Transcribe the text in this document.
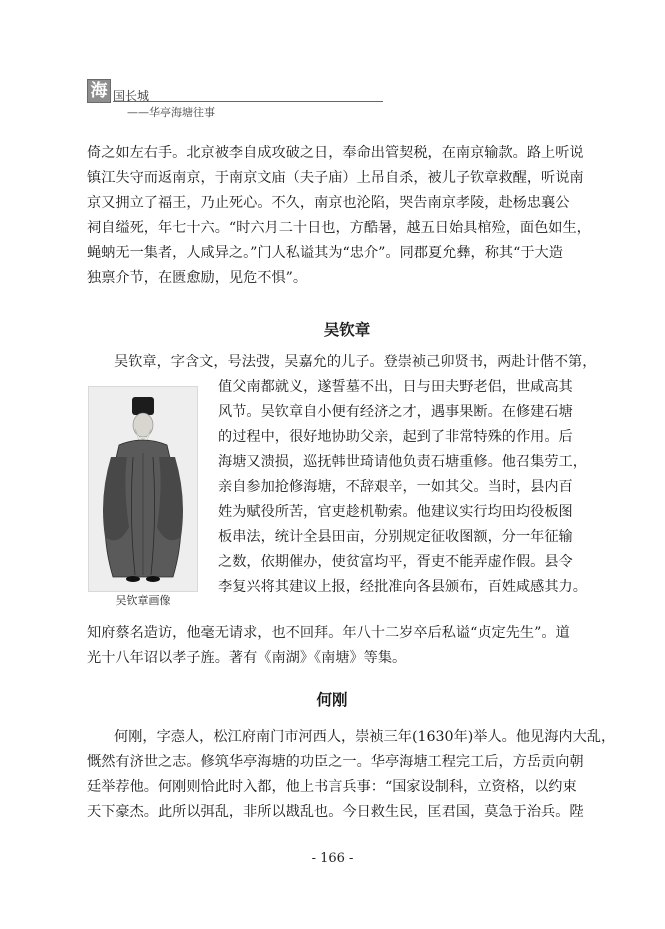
海 国长城
——华亭海塘往事
倚之如左右手。北京被李自成攻破之日，奉命出管契税，在南京输款。路上听说
镇江失守而返南京，于南京文庙（夫子庙）上吊自杀，被儿子钦章救醒，听说南
京又拥立了福王，乃止死心。不久，南京也沦陷，哭告南京孝陵，赴杨忠襄公
祠自缢死，年七十六。“时六月二十日也，方酷暑，越五日始具棺殓，面色如生，
蝇蚋无一集者，人咸异之。”门人私谥其为“忠介”。同郡夏允彝，称其“于大造
独禀介节，在匮愈励，见危不惧”。
吴钦章
吴钦章，字含文，号法弢，吴嘉允的儿子。登崇祯己卯贤书，两赴计偕不第，
吴钦章画像
值父南都就义，遂誓墓不出，日与田夫野老侣，世咸高其
风节。吴钦章自小便有经济之才，遇事果断。在修建石塘
的过程中，很好地协助父亲，起到了非常特殊的作用。后
海塘又溃损，巡抚韩世琦请他负责石塘重修。他召集劳工，
亲自参加抢修海塘，不辞艰辛，一如其父。当时，县内百
姓为赋役所苦，官吏趁机勒索。他建议实行均田均役板图
板串法，统计全县田亩，分别规定征收图额，分一年征输
之数，依期催办，使贫富均平，胥吏不能弄虚作假。县令
李复兴将其建议上报，经批准向各县颁布，百姓咸感其力。
知府蔡名造访，他毫无请求，也不回拜。年八十二岁卒后私谥“贞定先生”。道
光十八年诏以孝子旌。著有《南湖》《南塘》等集。
何刚
何刚，字悫人，松江府南门市河西人，崇祯三年(1630年)举人。他见海内大乱，
慨然有济世之志。修筑华亭海塘的功臣之一。华亭海塘工程完工后，方岳贡向朝
廷举荐他。何刚则恰此时入都，他上书言兵事：“国家设制科，立资格，以约束
天下豪杰。此所以弭乱，非所以戡乱也。今日救生民，匡君国，莫急于治兵。陛
- 166 -
